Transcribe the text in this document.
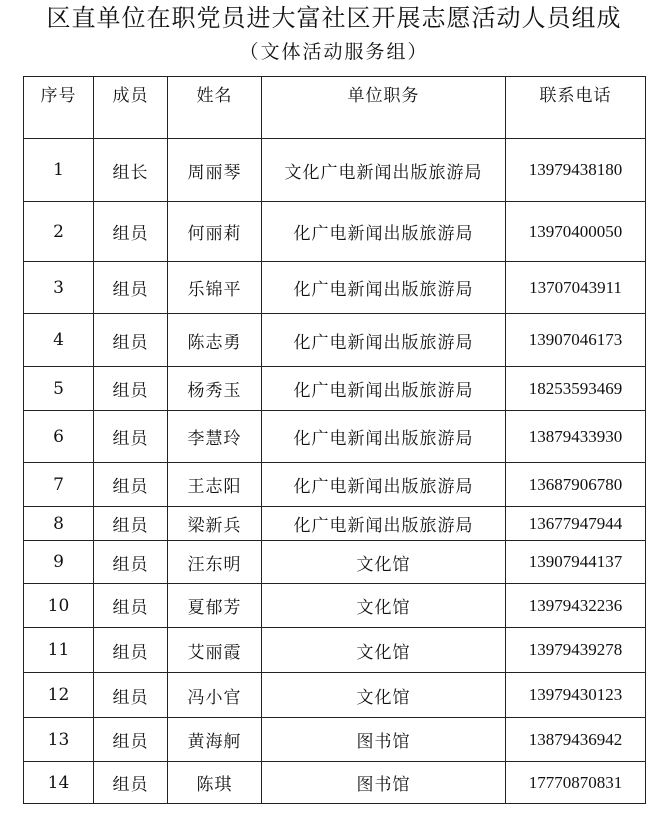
区直单位在职党员进大富社区开展志愿活动人员组成
（文体活动服务组）
序号	成员	姓名	单位职务	联系电话
1	组长	周丽琴	文化广电新闻出版旅游局	13979438180
2	组员	何丽莉	化广电新闻出版旅游局	13970400050
3	组员	乐锦平	化广电新闻出版旅游局	13707043911
4	组员	陈志勇	化广电新闻出版旅游局	13907046173
5	组员	杨秀玉	化广电新闻出版旅游局	18253593469
6	组员	李慧玲	化广电新闻出版旅游局	13879433930
7	组员	王志阳	化广电新闻出版旅游局	13687906780
8	组员	梁新兵	化广电新闻出版旅游局	13677947944
9	组员	汪东明	文化馆	13907944137
10	组员	夏郁芳	文化馆	13979432236
11	组员	艾丽霞	文化馆	13979439278
12	组员	冯小官	文化馆	13979430123
13	组员	黄海舸	图书馆	13879436942
14	组员	陈琪	图书馆	17770870831
